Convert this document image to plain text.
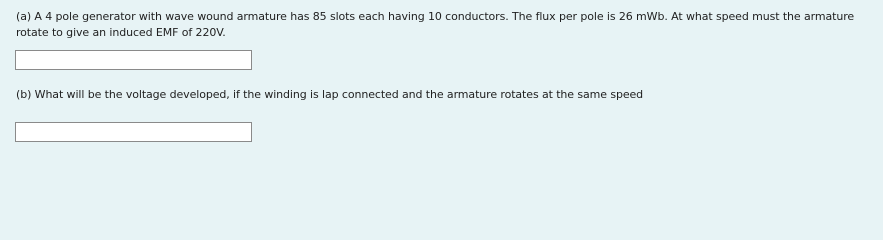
(a) A 4 pole generator with wave wound armature has 85 slots each having 10 conductors. The flux per pole is 26 mWb. At what speed must the armature rotate to give an induced EMF of 220V.
(b) What will be the voltage developed, if the winding is lap connected and the armature rotates at the same speed
